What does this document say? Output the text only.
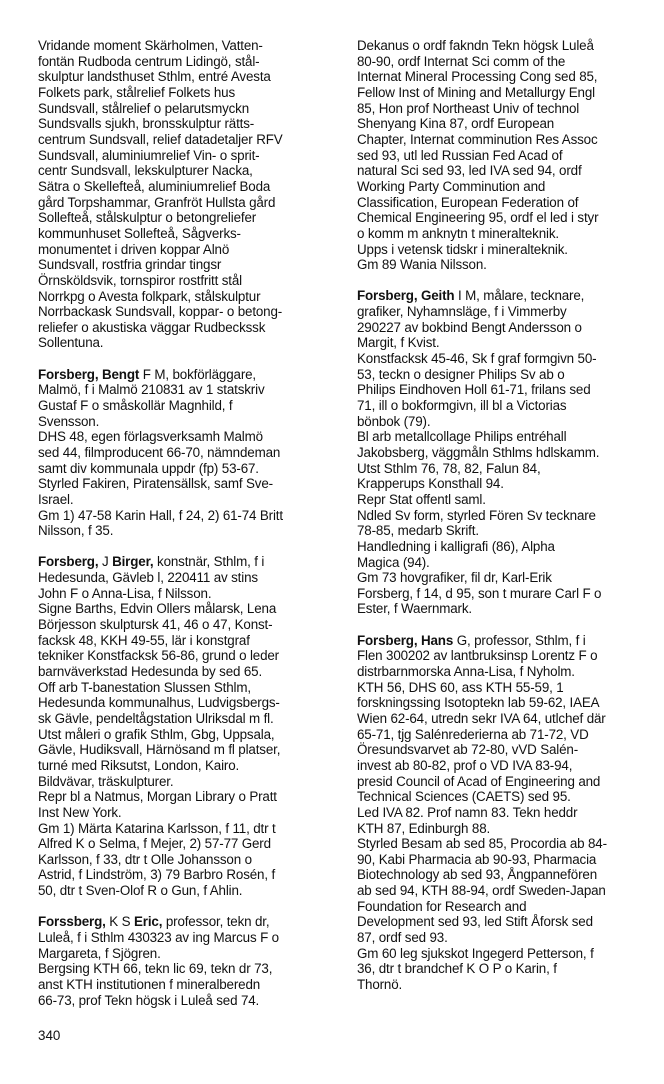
Vridande moment Skärholmen, Vatten-
fontän Rudboda centrum Lidingö, stål-
skulptur landsthuset Sthlm, entré Avesta
Folkets park, stålrelief Folkets hus
Sundsvall, stålrelief o pelarutsmyckn
Sundsvalls sjukh, bronsskulptur rätts-
centrum Sundsvall, relief datadetaljer RFV
Sundsvall, aluminiumrelief Vin- o sprit-
centr Sundsvall, lekskulpturer Nacka,
Sätra o Skellefteå, aluminiumrelief Boda
gård Torpshammar, Granfröt Hullsta gård
Sollefteå, stålskulptur o betongreliefer
kommunhuset Sollefteå, Sågverks-
monumentet i driven koppar Alnö
Sundsvall, rostfria grindar tingsr
Örnsköldsvik, tornspiror rostfritt stål
Norrkpg o Avesta folkpark, stålskulptur
Norrbackask Sundsvall, koppar- o betong-
reliefer o akustiska väggar Rudbeckssk
Sollentuna.
Forsberg, Bengt F M, bokförläggare,
Malmö, f i Malmö 210831 av 1 statskriv
Gustaf F o småskollär Magnhild, f
Svensson.
DHS 48, egen förlagsverksamh Malmö
sed 44, filmproducent 66-70, nämndeman
samt div kommunala uppdr (fp) 53-67.
Styrled Fakiren, Piratensällsk, samf Sve-
Israel.
Gm 1) 47-58 Karin Hall, f 24, 2) 61-74 Britt
Nilsson, f 35.
Forsberg, J Birger, konstnär, Sthlm, f i
Hedesunda, Gävleb l, 220411 av stins
John F o Anna-Lisa, f Nilsson.
Signe Barths, Edvin Ollers målarsk, Lena
Börjesson skulptursk 41, 46 o 47, Konst-
facksk 48, KKH 49-55, lär i konstgraf
tekniker Konstfacksk 56-86, grund o leder
barnväverkstad Hedesunda by sed 65.
Off arb T-banestation Slussen Sthlm,
Hedesunda kommunalhus, Ludvigsbergs-
sk Gävle, pendeltågstation Ulriksdal m fl.
Utst måleri o grafik Sthlm, Gbg, Uppsala,
Gävle, Hudiksvall, Härnösand m fl platser,
turné med Riksutst, London, Kairo.
Bildvävar, träskulpturer.
Repr bl a Natmus, Morgan Library o Pratt
Inst New York.
Gm 1) Märta Katarina Karlsson, f 11, dtr t
Alfred K o Selma, f Mejer, 2) 57-77 Gerd
Karlsson, f 33, dtr t Olle Johansson o
Astrid, f Lindström, 3) 79 Barbro Rosén, f
50, dtr t Sven-Olof R o Gun, f Ahlin.
Forssberg, K S Eric, professor, tekn dr,
Luleå, f i Sthlm 430323 av ing Marcus F o
Margareta, f Sjögren.
Bergsing KTH 66, tekn lic 69, tekn dr 73,
anst KTH institutionen f mineralberedn
66-73, prof Tekn högsk i Luleå sed 74.
Dekanus o ordf fakndn Tekn högsk Luleå
80-90, ordf Internat Sci comm of the
Internat Mineral Processing Cong sed 85,
Fellow Inst of Mining and Metallurgy Engl
85, Hon prof Northeast Univ of technol
Shenyang Kina 87, ordf European
Chapter, Internat comminution Res Assoc
sed 93, utl led Russian Fed Acad of
natural Sci sed 93, led IVA sed 94, ordf
Working Party Comminution and
Classification, European Federation of
Chemical Engineering 95, ordf el led i styr
o komm m anknytn t mineralteknik.
Upps i vetensk tidskr i mineralteknik.
Gm 89 Wania Nilsson.
Forsberg, Geith I M, målare, tecknare,
grafiker, Nyhamnsläge, f i Vimmerby
290227 av bokbind Bengt Andersson o
Margit, f Kvist.
Konstfacksk 45-46, Sk f graf formgivn 50-
53, teckn o designer Philips Sv ab o
Philips Eindhoven Holl 61-71, frilans sed
71, ill o bokformgivn, ill bl a Victorias
bönbok (79).
Bl arb metallcollage Philips entréhall
Jakobsberg, väggmåln Sthlms hdlskamm.
Utst Sthlm 76, 78, 82, Falun 84,
Krapperups Konsthall 94.
Repr Stat offentl saml.
Ndled Sv form, styrled Fören Sv tecknare
78-85, medarb Skrift.
Handledning i kalligrafi (86), Alpha
Magica (94).
Gm 73 hovgrafiker, fil dr, Karl-Erik
Forsberg, f 14, d 95, son t murare Carl F o
Ester, f Waernmark.
Forsberg, Hans G, professor, Sthlm, f i
Flen 300202 av lantbruksinsp Lorentz F o
distrbarnmorska Anna-Lisa, f Nyholm.
KTH 56, DHS 60, ass KTH 55-59, 1
forskningssing Isotoptekn lab 59-62, IAEA
Wien 62-64, utredn sekr IVA 64, utlchef där
65-71, tjg Salénrederierna ab 71-72, VD
Öresundsvarvet ab 72-80, vVD Salén-
invest ab 80-82, prof o VD IVA 83-94,
presid Council of Acad of Engineering and
Technical Sciences (CAETS) sed 95.
Led IVA 82. Prof namn 83. Tekn heddr
KTH 87, Edinburgh 88.
Styrled Besam ab sed 85, Procordia ab 84-
90, Kabi Pharmacia ab 90-93, Pharmacia
Biotechnology ab sed 93, Ångpannefören
ab sed 94, KTH 88-94, ordf Sweden-Japan
Foundation for Research and
Development sed 93, led Stift Åforsk sed
87, ordf sed 93.
Gm 60 leg sjukskot Ingegerd Petterson, f
36, dtr t brandchef K O P o Karin, f
Thornö.
340
